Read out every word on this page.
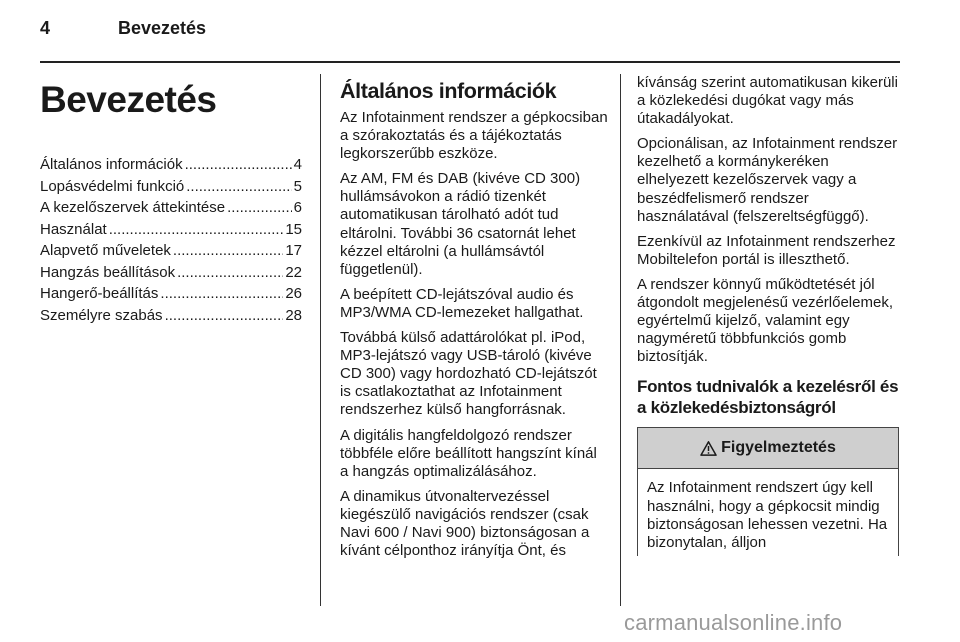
4	Bevezetés
Bevezetés
Általános információk .....	4
Lopásvédelmi funkció .....	5
A kezelőszervek áttekintése .....	6
Használat .....	15
Alapvető műveletek .....	17
Hangzás beállítások .....	22
Hangerő-beállítás .....	26
Személyre szabás .....	28
Általános információk

Az Infotainment rendszer a gépkocsiban a szórakoztatás és a tájékoztatás legkorszerűbb eszköze.

Az AM, FM és DAB (kivéve CD 300) hullámsávokon a rádió tizenkét automatikusan tárolható adót tud eltárolni. További 36 csatornát lehet kézzel eltárolni (a hullámsávtól függetlenül).

A beépített CD-lejátszóval audio és MP3/WMA CD-lemezeket hallgathat.

Továbbá külső adattárolókat pl. iPod, MP3-lejátszó vagy USB-tároló (kivéve CD 300) vagy hordozható CD-lejátszót is csatlakoztathat az Infotainment rendszerhez külső hangforrásnak.

A digitális hangfeldolgozó rendszer többféle előre beállított hangszínt kínál a hangzás optimalizálásához.

A dinamikus útvonaltervezéssel kiegészülő navigációs rendszer (csak Navi 600 / Navi 900) biztonságosan a kívánt célponthoz irányítja Önt, és

kívánság szerint automatikusan kikerüli a közlekedési dugókat vagy más útakadályokat.

Opcionálisan, az Infotainment rendszer kezelhető a kormánykeréken elhelyezett kezelőszervek vagy a beszédfelismerő rendszer használatával (felszereltségfüggő).

Ezenkívül az Infotainment rendszerhez Mobiltelefon portál is illeszthető.

A rendszer könnyű működtetését jól átgondolt megjelenésű vezérlőelemek, egyértelmű kijelző, valamint egy nagyméretű többfunkciós gomb biztosítják.

Fontos tudnivalók a kezelésről és a közlekedésbiztonságról
Figyelmeztetés
Az Infotainment rendszert úgy kell használni, hogy a gépkocsit mindig biztonságosan lehessen vezetni. Ha bizonytalan, álljon
carmanualsonline.info
